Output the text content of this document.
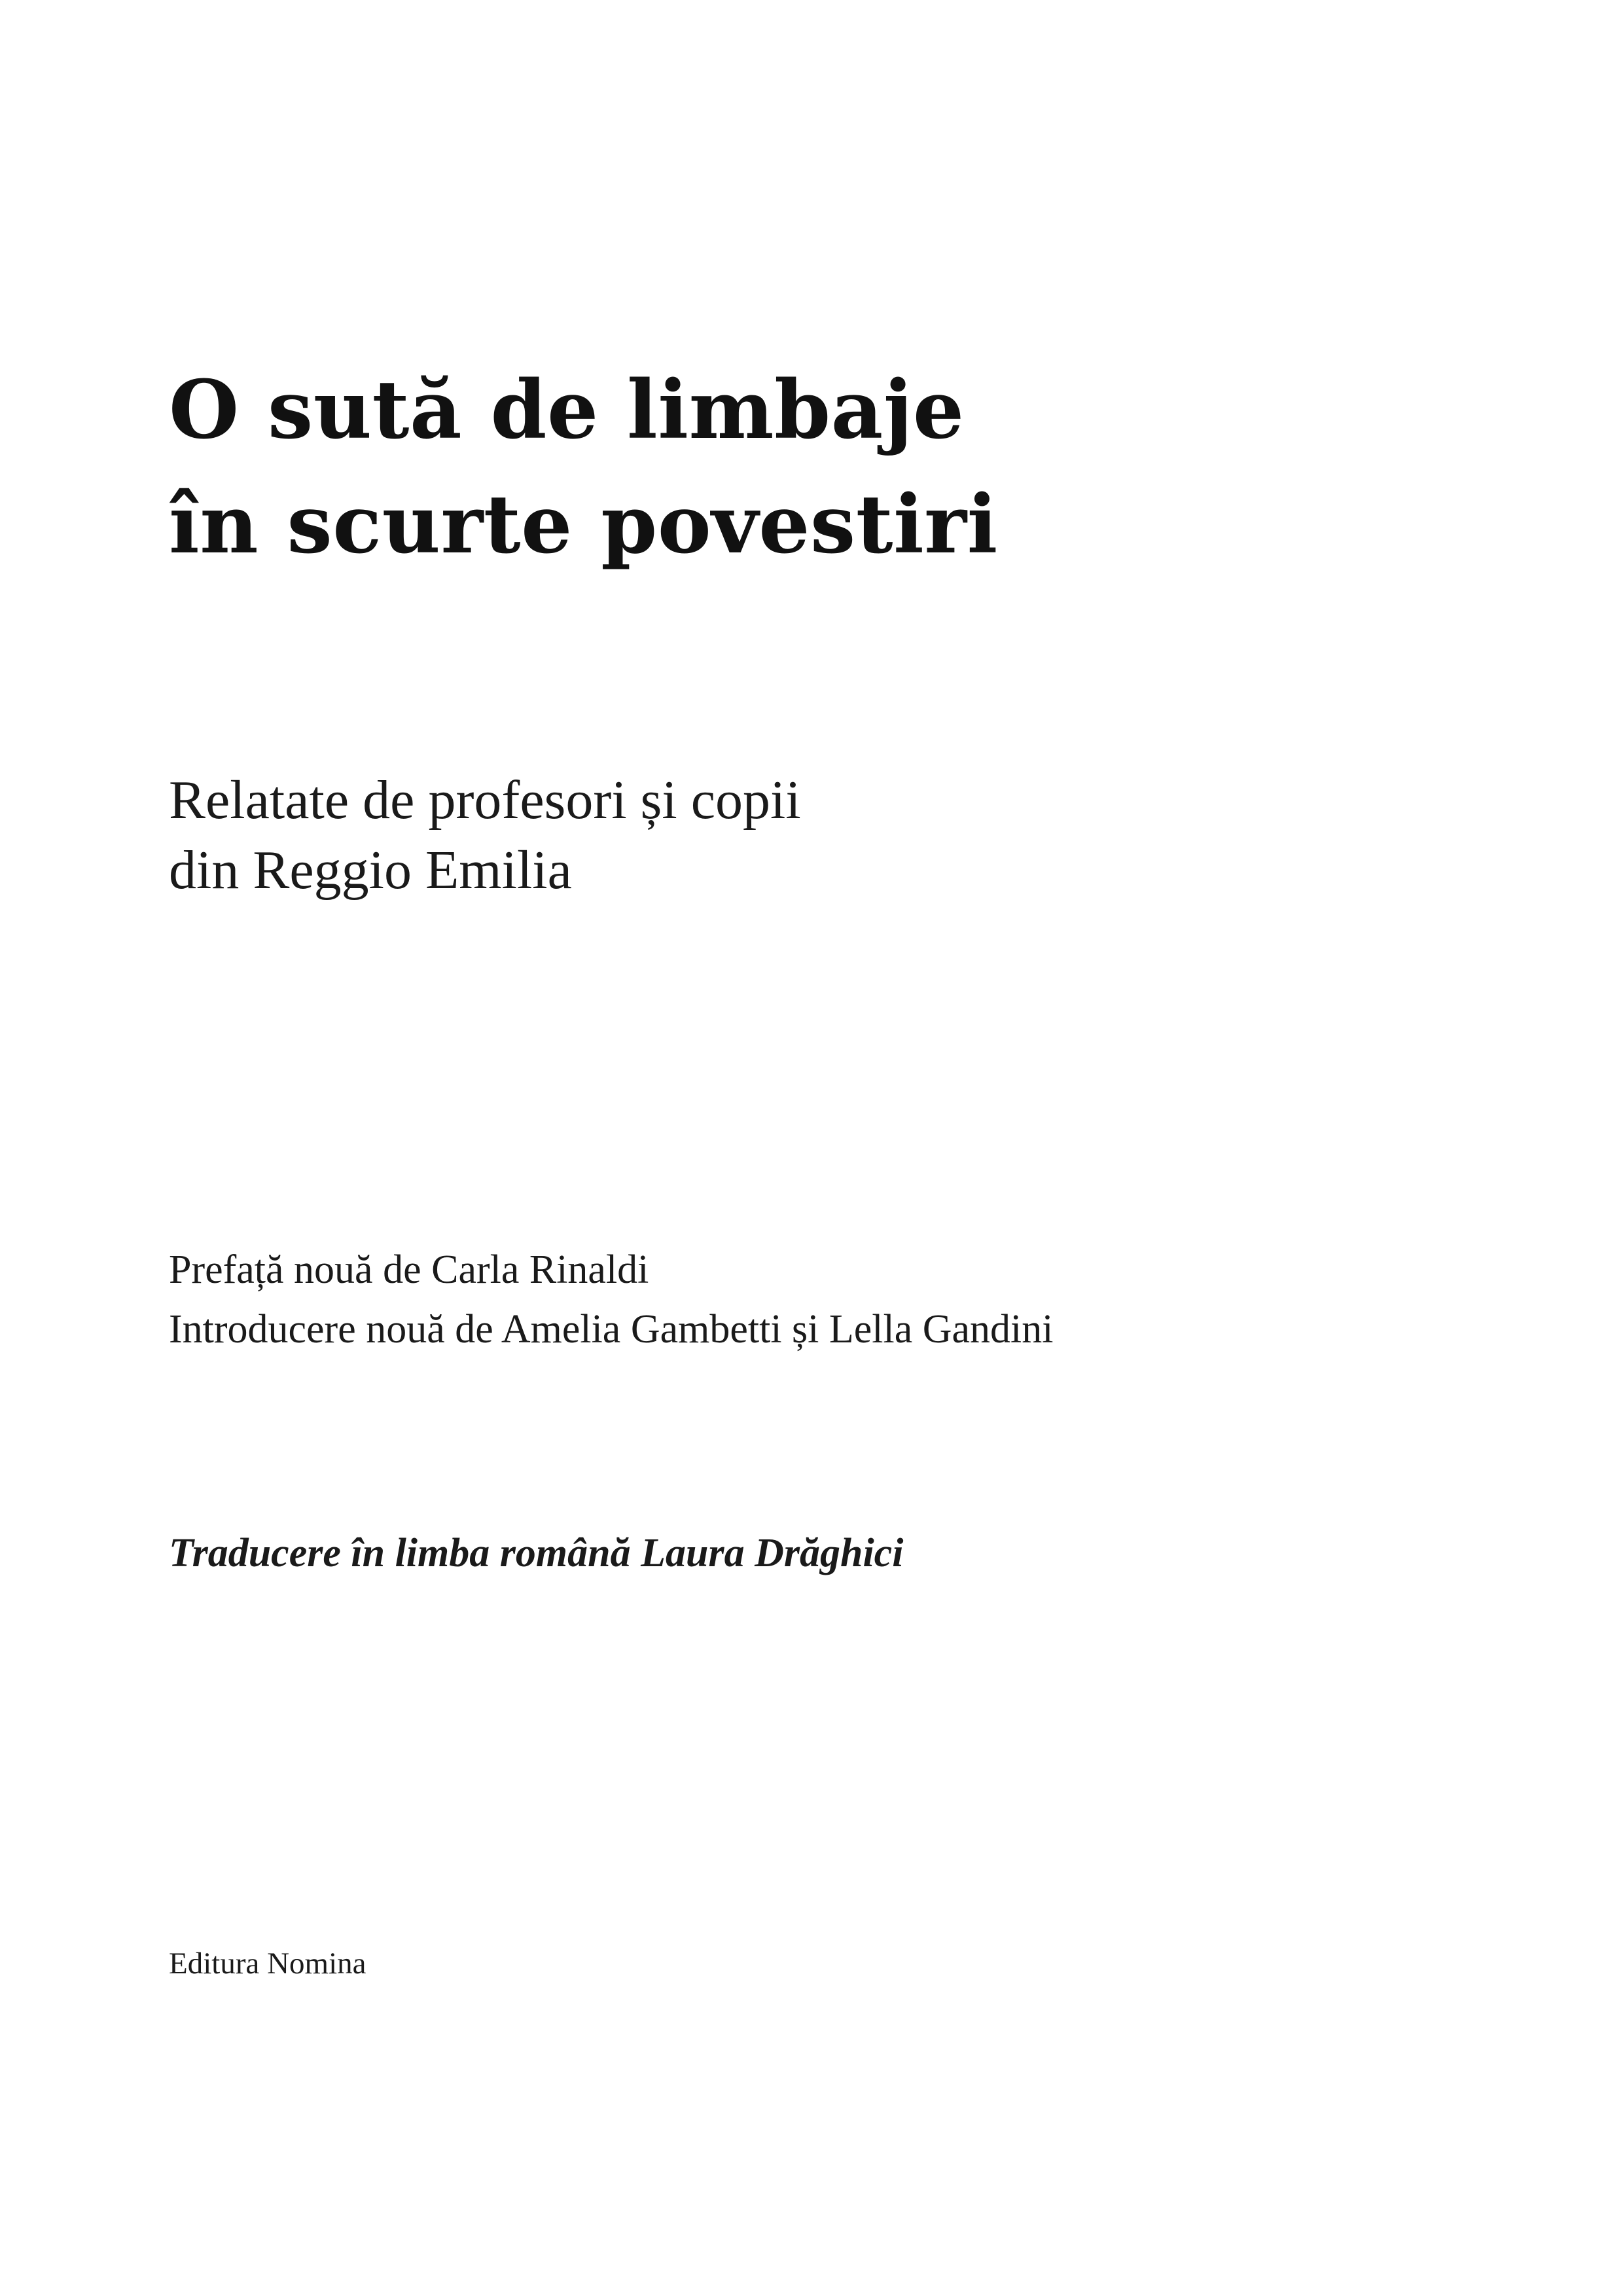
O sută de limbaje
în scurte povestiri
Relatate de profesori și copii
din Reggio Emilia
Prefață nouă de Carla Rinaldi
Introducere nouă de Amelia Gambetti și Lella Gandini
Traducere în limba română Laura Drăghici
Editura Nomina
